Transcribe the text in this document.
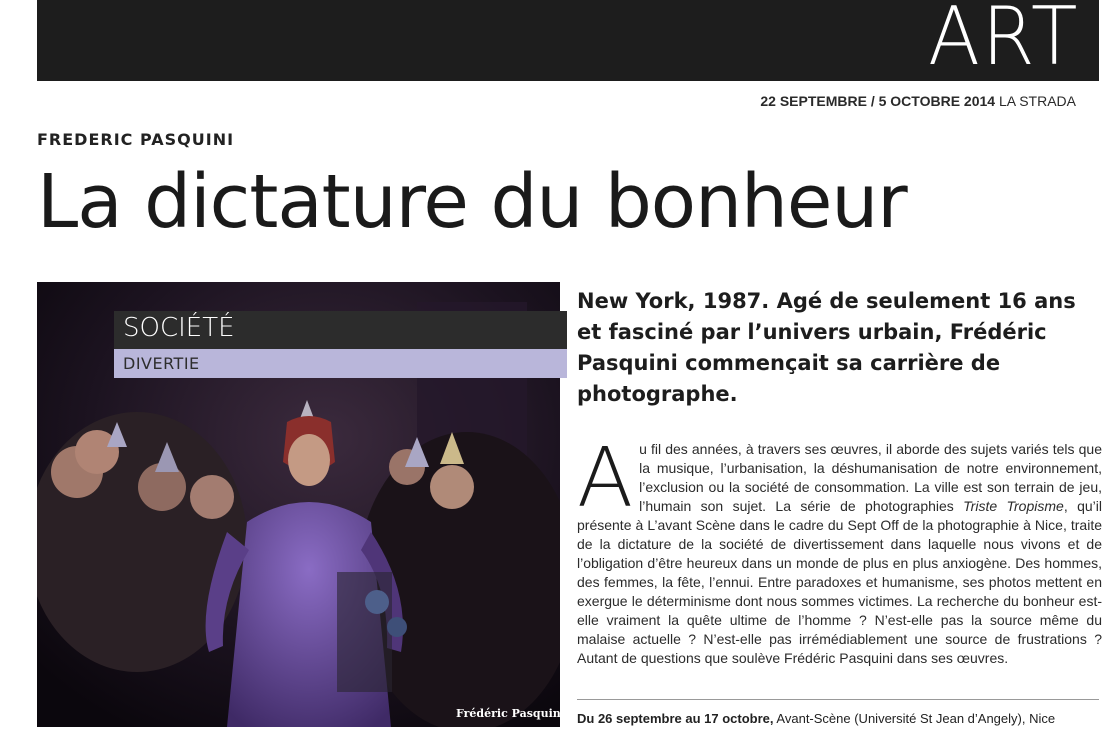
ART
22 SEPTEMBRE / 5 OCTOBRE 2014 LA STRADA
FREDERIC PASQUINI
La dictature du bonheur
SOCIÉTÉ
DIVERTIE
Frédéric Pasquini

New York, 1987. Agé de seulement 16 ans et fasciné par l’univers urbain, Frédéric Pasquini commençait sa carrière de photographe.

Au fil des années, à travers ses œuvres, il aborde des sujets variés tels que la musique, l’urbanisation, la déshumanisation de notre environnement, l’exclusion ou la société de consommation. La ville est son terrain de jeu, l’humain son sujet. La série de photographies Triste Tropisme, qu’il présente à L’avant Scène dans le cadre du Sept Off de la photographie à Nice, traite de la dictature de la société de divertissement dans laquelle nous vivons et de l’obligation d’être heureux dans un monde de plus en plus anxiogène. Des hommes, des femmes, la fête, l’ennui. Entre paradoxes et humanisme, ses photos mettent en exergue le déterminisme dont nous sommes victimes. La recherche du bonheur est-elle vraiment la quête ultime de l’homme ? N’est-elle pas la source même du malaise actuelle ? N’est-elle pas irrémédiablement une source de frustrations ? Autant de questions que soulève Frédéric Pasquini dans ses œuvres.

Du 26 septembre au 17 octobre, Avant-Scène (Université St Jean d’Angely), Nice
